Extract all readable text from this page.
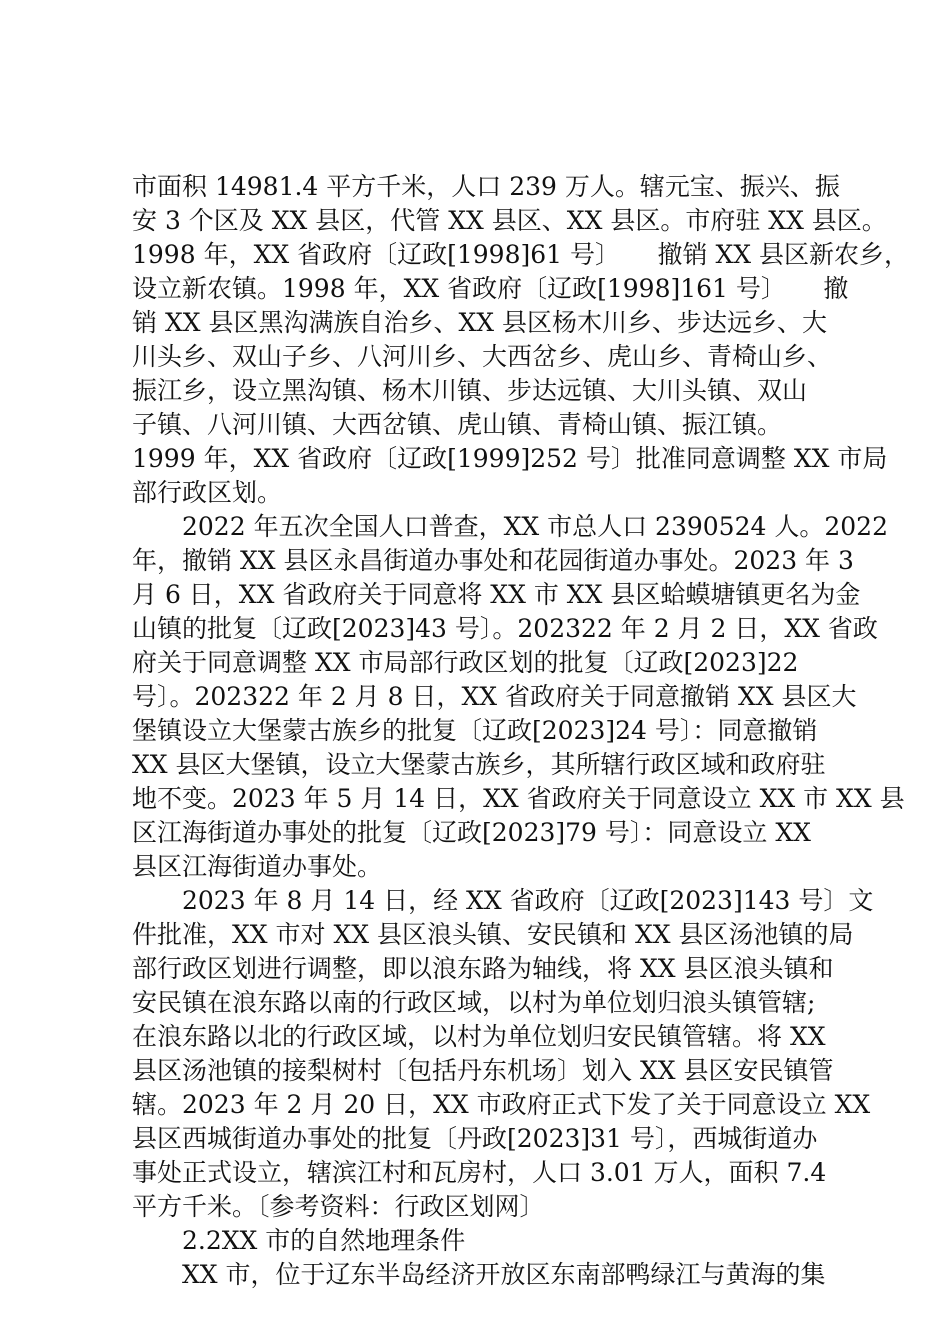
市面积 14981.4 平方千米，人口 239 万人。辖元宝、振兴、振
安 3 个区及 XX 县区，代管 XX 县区、XX 县区。市府驻 XX 县区。
1998 年，XX 省政府〔辽政[1998]61 号〕　　撤销 XX 县区新农乡，
设立新农镇。1998 年，XX 省政府〔辽政[1998]161 号〕　　撤
销 XX 县区黑沟满族自治乡、XX 县区杨木川乡、步达远乡、大
川头乡、双山子乡、八河川乡、大西岔乡、虎山乡、青椅山乡、
振江乡，设立黑沟镇、杨木川镇、步达远镇、大川头镇、双山
子镇、八河川镇、大西岔镇、虎山镇、青椅山镇、振江镇。
1999 年，XX 省政府〔辽政[1999]252 号〕批准同意调整 XX 市局
部行政区划。
　　2022 年五次全国人口普查，XX 市总人口 2390524 人。2022
年，撤销 XX 县区永昌街道办事处和花园街道办事处。2023 年 3
月 6 日，XX 省政府关于同意将 XX 市 XX 县区蛤蟆塘镇更名为金
山镇的批复〔辽政[2023]43 号〕。202322 年 2 月 2 日，XX 省政
府关于同意调整 XX 市局部行政区划的批复〔辽政[2023]22
号〕。202322 年 2 月 8 日，XX 省政府关于同意撤销 XX 县区大
堡镇设立大堡蒙古族乡的批复〔辽政[2023]24 号〕：同意撤销
XX 县区大堡镇，设立大堡蒙古族乡，其所辖行政区域和政府驻
地不变。2023 年 5 月 14 日，XX 省政府关于同意设立 XX 市 XX 县
区江海街道办事处的批复〔辽政[2023]79 号〕：同意设立 XX
县区江海街道办事处。
　　2023 年 8 月 14 日，经 XX 省政府〔辽政[2023]143 号〕文
件批准，XX 市对 XX 县区浪头镇、安民镇和 XX 县区汤池镇的局
部行政区划进行调整，即以浪东路为轴线，将 XX 县区浪头镇和
安民镇在浪东路以南的行政区域，以村为单位划归浪头镇管辖;
在浪东路以北的行政区域，以村为单位划归安民镇管辖。将 XX
县区汤池镇的接梨树村〔包括丹东机场〕划入 XX 县区安民镇管
辖。2023 年 2 月 20 日，XX 市政府正式下发了关于同意设立 XX
县区西城街道办事处的批复〔丹政[2023]31 号〕，西城街道办
事处正式设立，辖滨江村和瓦房村，人口 3.01 万人，面积 7.4
平方千米。〔参考资料：行政区划网〕
　　2.2XX 市的自然地理条件
　　XX 市，位于辽东半岛经济开放区东南部鸭绿江与黄海的集
